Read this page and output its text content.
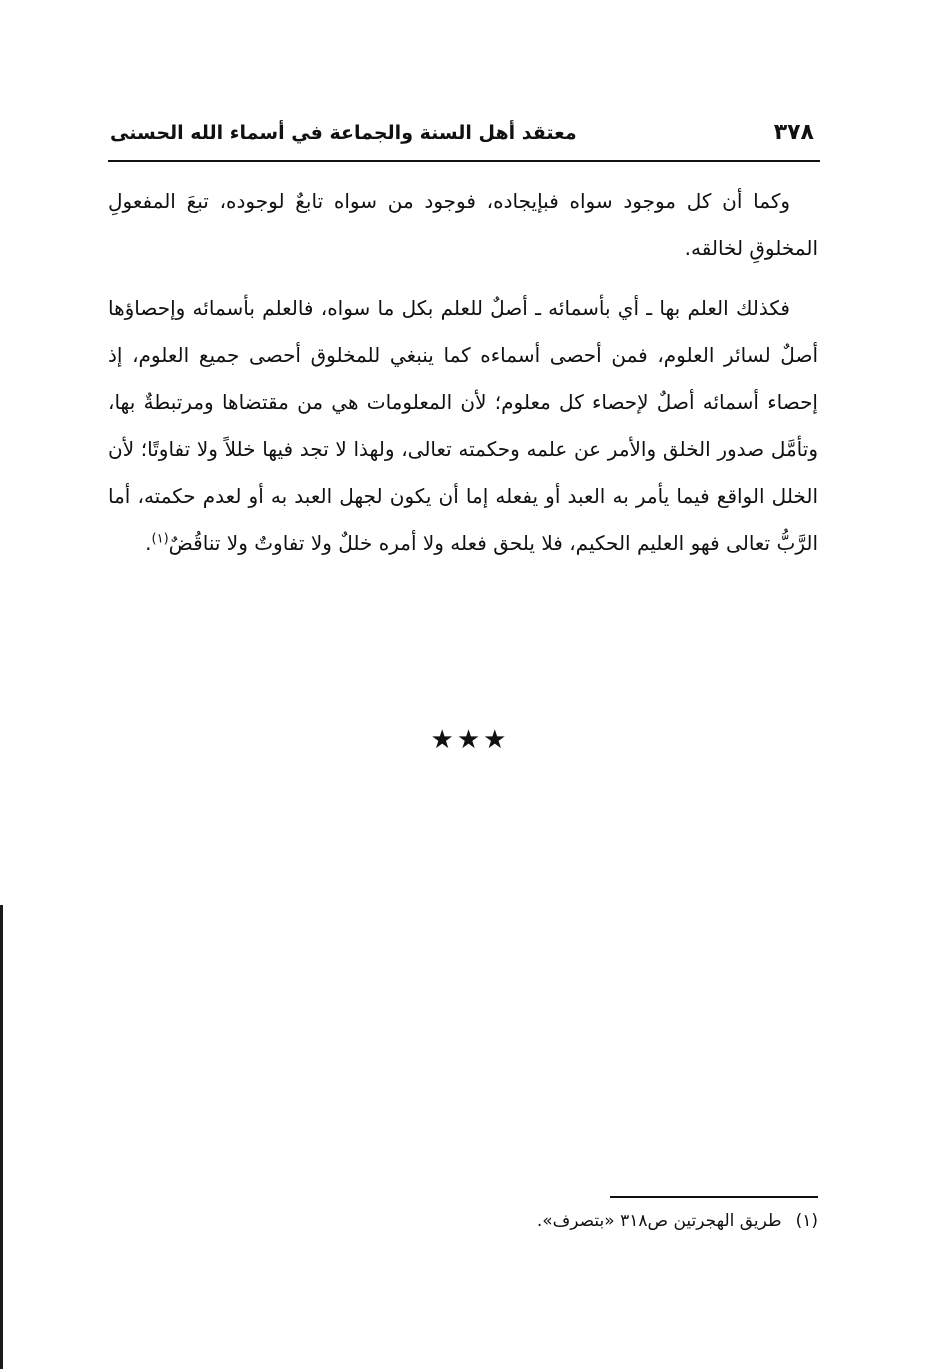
٣٧٨
معتقد أهل السنة والجماعة في أسماء الله الحسنى

وكما أن كل موجود سواه فبإيجاده، فوجود من سواه تابعٌ لوجوده، تبعَ المفعولِ المخلوقِ لخالقه.

فكذلك العلم بها ـ أي بأسمائه ـ أصلٌ للعلم بكل ما سواه، فالعلم بأسمائه وإحصاؤها أصلٌ لسائر العلوم، فمن أحصى أسماءه كما ينبغي للمخلوق أحصى جميع العلوم، إذ إحصاء أسمائه أصلٌ لإحصاء كل معلوم؛ لأن المعلومات هي من مقتضاها ومرتبطةٌ بها، وتأمَّل صدور الخلق والأمر عن علمه وحكمته تعالى، ولهذا لا تجد فيها خللاً ولا تفاوتًا؛ لأن الخلل الواقع فيما يأمر به العبد أو يفعله إما أن يكون لجهل العبد به أو لعدم حكمته، أما الرَّبُّ تعالى فهو العليم الحكيم، فلا يلحق فعله ولا أمره خللٌ ولا تفاوتٌ ولا تناقُضٌ$^{(١)}$.

★★★
(١)طريق الهجرتين ص٣١٨ «بتصرف».
